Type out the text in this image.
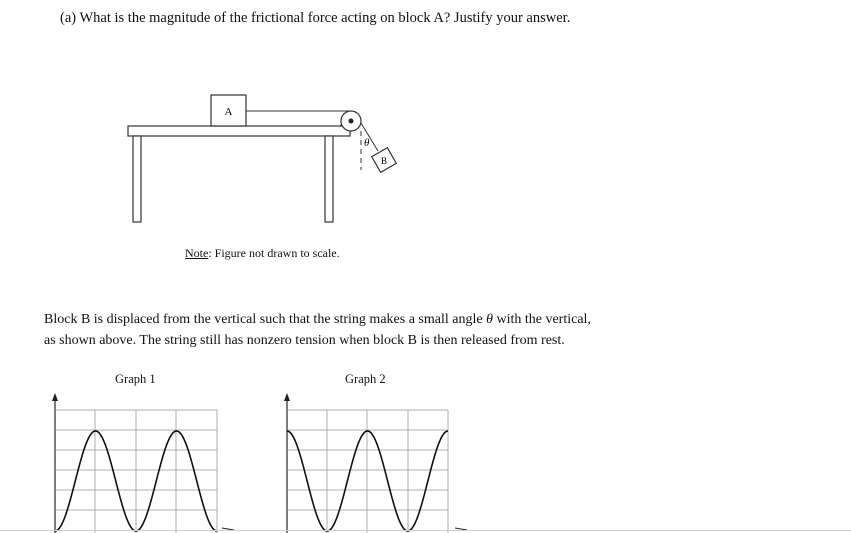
(a) What is the magnitude of the frictional force acting on block A? Justify your answer.
A
θ
B
Note: Figure not drawn to scale.
Block B is displaced from the vertical such that the string makes a small angle θ with the vertical,
as shown above. The string still has nonzero tension when block B is then released from rest.
Graph 1	Graph 2
